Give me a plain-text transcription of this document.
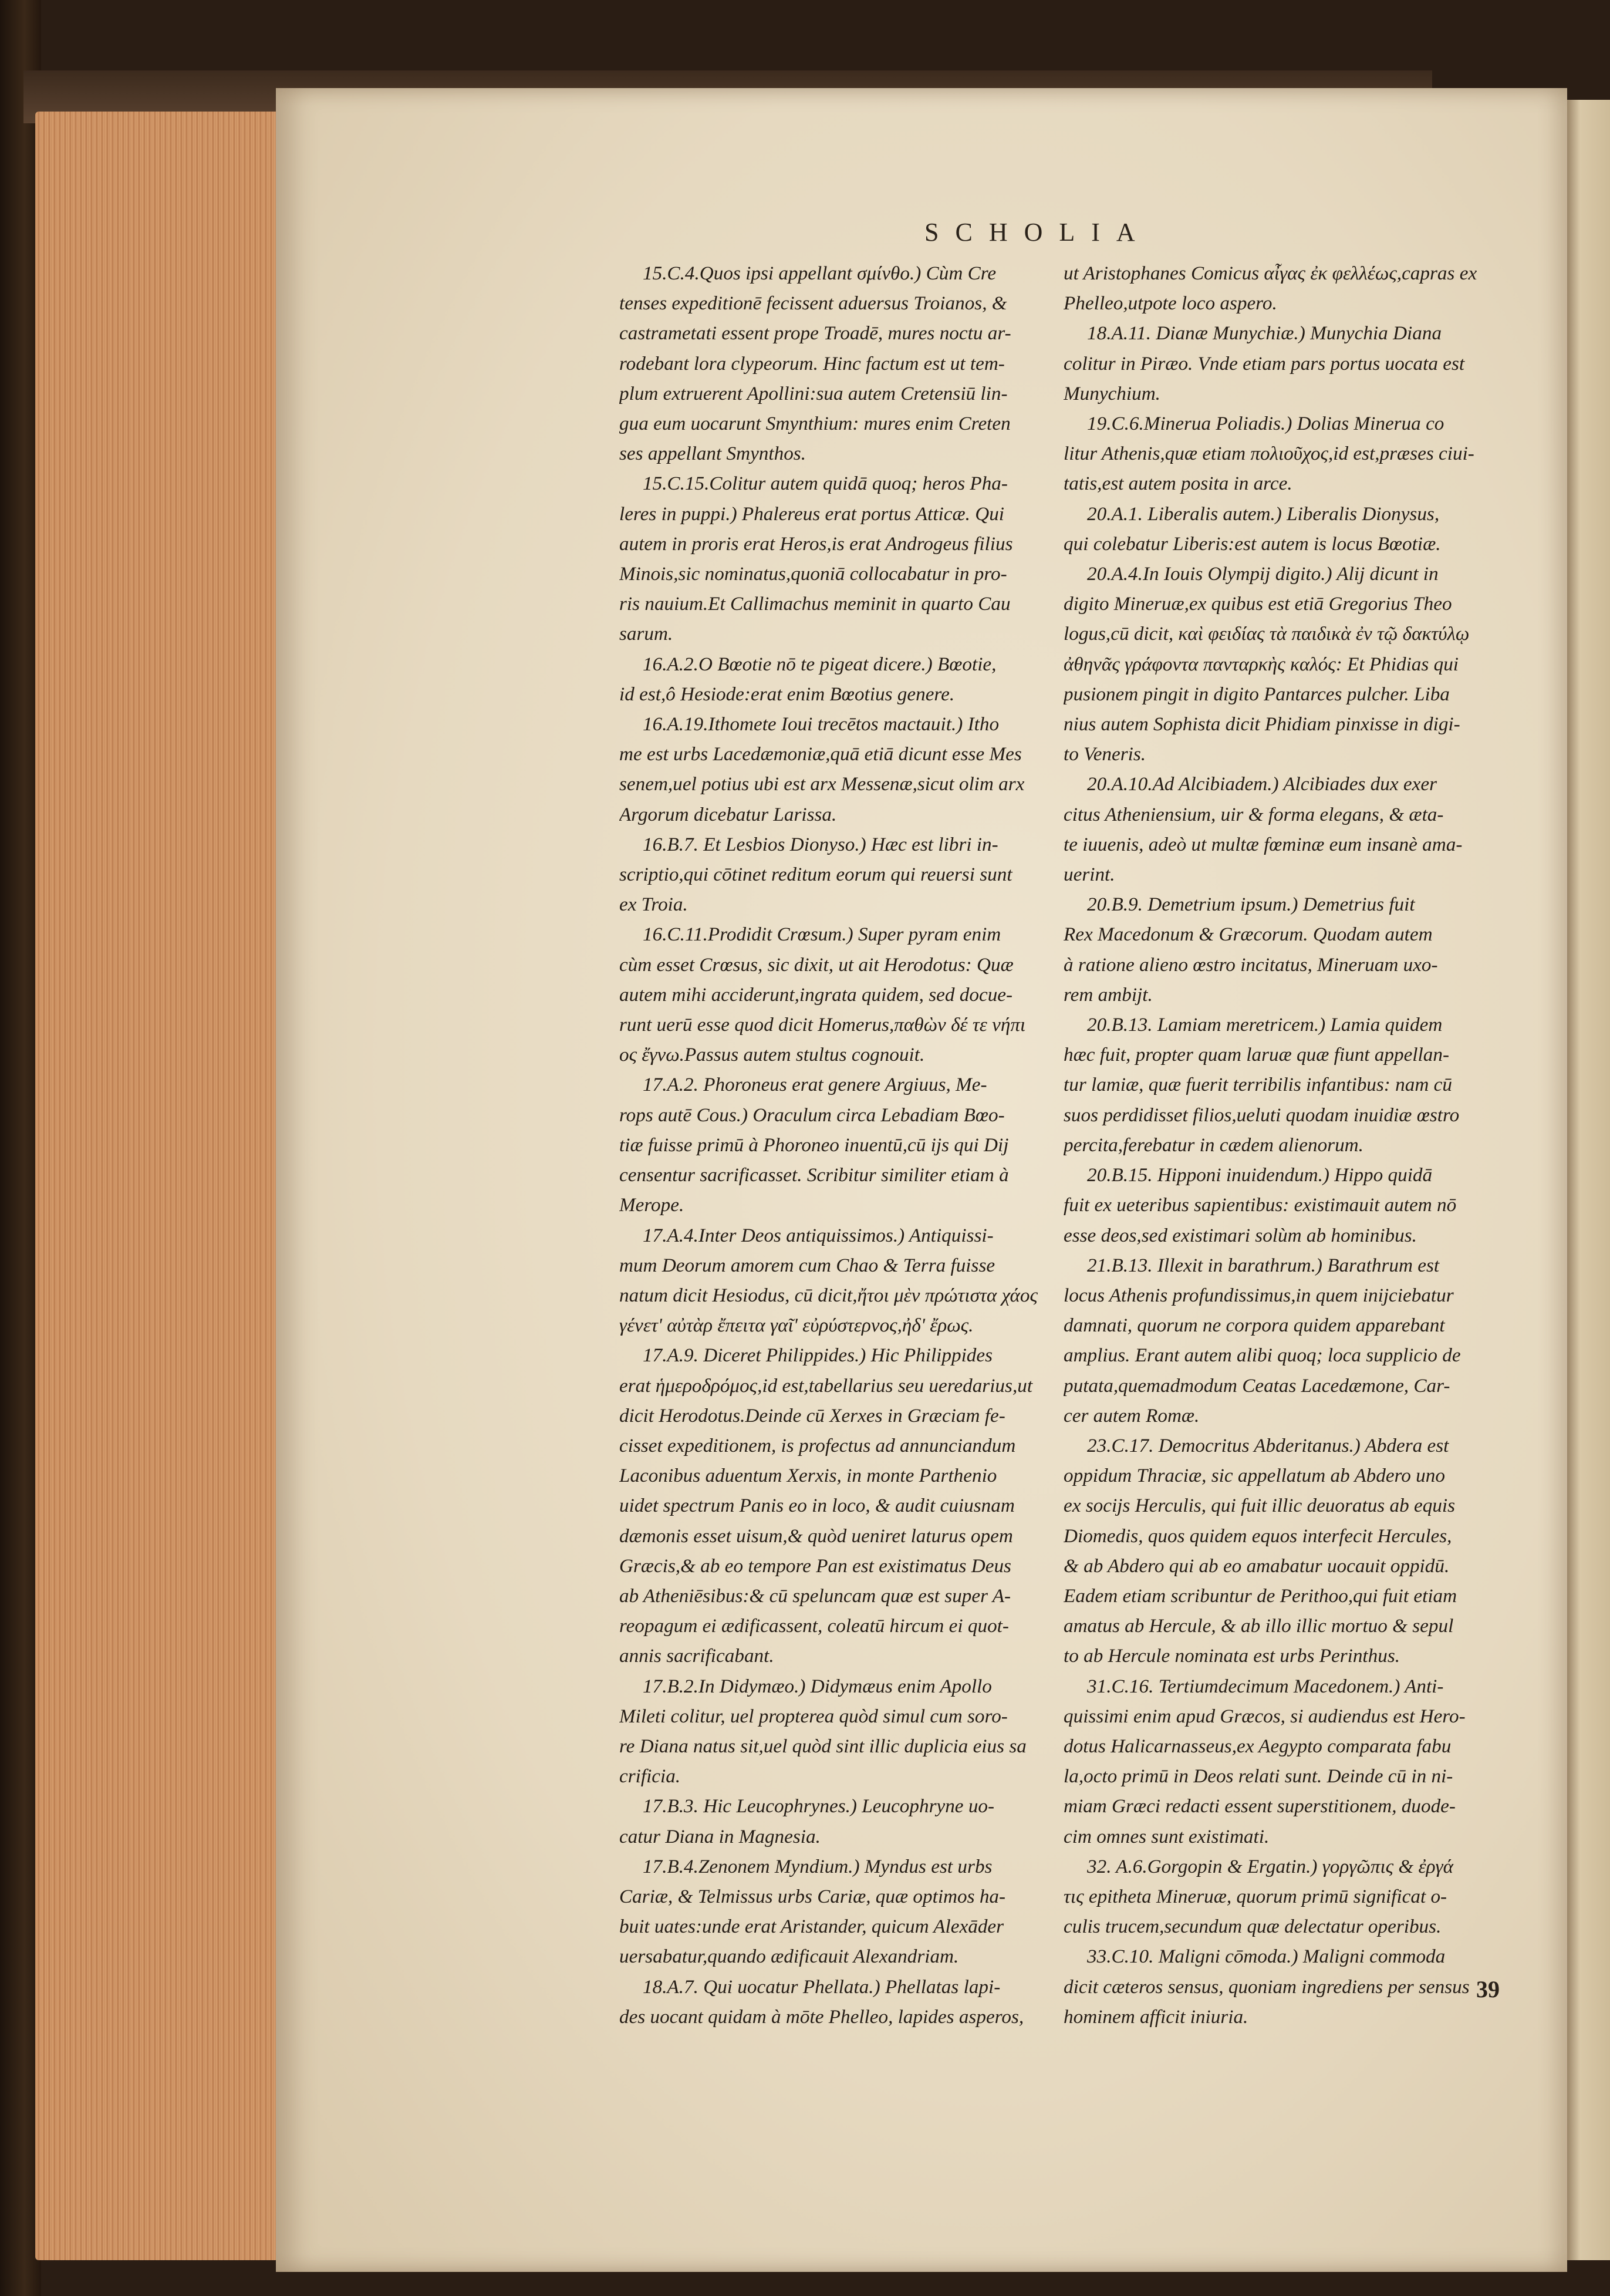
SCHOLIA
15.C.4.Quos ipsi appellant σμίνθο.) Cùm Cre
tenses expeditionē fecissent aduersus Troianos, &
castrametati essent prope Troadē, mures noctu ar-
rodebant lora clypeorum. Hinc factum est ut tem-
plum extruerent Apollini:sua autem Cretensiū lin-
gua eum uocarunt Smynthium: mures enim Creten
ses appellant Smynthos.
15.C.15.Colitur autem quidā quoq; heros Pha-
leres in puppi.) Phalereus erat portus Atticæ. Qui
autem in proris erat Heros,is erat Androgeus filius
Minois,sic nominatus,quoniā collocabatur in pro-
ris nauium.Et Callimachus meminit in quarto Cau
sarum.
16.A.2.O Bœotie nō te pigeat dicere.) Bœotie,
id est,ô Hesiode:erat enim Bœotius genere.
16.A.19.Ithomete Ioui trecētos mactauit.) Itho
me est urbs Lacedæmoniæ,quā etiā dicunt esse Mes
senem,uel potius ubi est arx Messenæ,sicut olim arx
Argorum dicebatur Larissa.
16.B.7. Et Lesbios Dionyso.) Hæc est libri in-
scriptio,qui cōtinet reditum eorum qui reuersi sunt
ex Troia.
16.C.11.Prodidit Crœsum.) Super pyram enim
cùm esset Crœsus, sic dixit, ut ait Herodotus: Quæ
autem mihi acciderunt,ingrata quidem, sed docue-
runt uerū esse quod dicit Homerus,παθὼν δέ τε νήπι
ος ἔγνω.Passus autem stultus cognouit.
17.A.2. Phoroneus erat genere Argiuus, Me-
rops autē Cous.) Oraculum circa Lebadiam Bœo-
tiæ fuisse primū à Phoroneo inuentū,cū ijs qui Dij
censentur sacrificasset. Scribitur similiter etiam à
Merope.
17.A.4.Inter Deos antiquissimos.) Antiquissi-
mum Deorum amorem cum Chao & Terra fuisse
natum dicit Hesiodus, cū dicit,ἤτοι μὲν πρώτιστα χάος
γένετ' αὐτὰρ ἔπειτα γαῖ' εὐρύστερνος,ἠδ' ἔρως.
17.A.9. Diceret Philippides.) Hic Philippides
erat ἡμεροδρόμος,id est,tabellarius seu ueredarius,ut
dicit Herodotus.Deinde cū Xerxes in Græciam fe-
cisset expeditionem, is profectus ad annunciandum
Laconibus aduentum Xerxis, in monte Parthenio
uidet spectrum Panis eo in loco, & audit cuiusnam
dæmonis esset uisum,& quòd ueniret laturus opem
Græcis,& ab eo tempore Pan est existimatus Deus
ab Atheniēsibus:& cū speluncam quæ est super A-
reopagum ei ædificassent, coleatū hircum ei quot-
annis sacrificabant.
17.B.2.In Didymæo.) Didymæus enim Apollo
Mileti colitur, uel propterea quòd simul cum soro-
re Diana natus sit,uel quòd sint illic duplicia eius sa
crificia.
17.B.3. Hic Leucophrynes.) Leucophryne uo-
catur Diana in Magnesia.
17.B.4.Zenonem Myndium.) Myndus est urbs
Cariæ, & Telmissus urbs Cariæ, quæ optimos ha-
buit uates:unde erat Aristander, quicum Alexāder
uersabatur,quando ædificauit Alexandriam.
18.A.7. Qui uocatur Phellata.) Phellatas lapi-
des uocant quidam à mōte Phelleo, lapides asperos,
ut Aristophanes Comicus αἶγας ἐκ φελλέως,capras ex
Phelleo,utpote loco aspero.
18.A.11. Dianæ Munychiæ.) Munychia Diana
colitur in Piræo. Vnde etiam pars portus uocata est
Munychium.
19.C.6.Minerua Poliadis.) Dolias Minerua co
litur Athenis,quæ etiam πολιοῦχος,id est,præses ciui-
tatis,est autem posita in arce.
20.A.1. Liberalis autem.) Liberalis Dionysus,
qui colebatur Liberis:est autem is locus Bœotiæ.
20.A.4.In Iouis Olympij digito.) Alij dicunt in
digito Mineruæ,ex quibus est etiā Gregorius Theo
logus,cū dicit, καὶ φειδίας τὰ παιδικὰ ἐν τῷ δακτύλῳ
ἀθηνᾶς γράφοντα πανταρκὴς καλός: Et Phidias qui
pusionem pingit in digito Pantarces pulcher. Liba
nius autem Sophista dicit Phidiam pinxisse in digi-
to Veneris.
20.A.10.Ad Alcibiadem.) Alcibiades dux exer
citus Atheniensium, uir & forma elegans, & æta-
te iuuenis, adeò ut multæ fœminæ eum insanè ama-
uerint.
20.B.9. Demetrium ipsum.) Demetrius fuit
Rex Macedonum & Græcorum. Quodam autem
à ratione alieno œstro incitatus, Mineruam uxo-
rem ambijt.
20.B.13. Lamiam meretricem.) Lamia quidem
hæc fuit, propter quam laruæ quæ fiunt appellan-
tur lamiæ, quæ fuerit terribilis infantibus: nam cū
suos perdidisset filios,ueluti quodam inuidiæ œstro
percita,ferebatur in cædem alienorum.
20.B.15. Hipponi inuidendum.) Hippo quidā
fuit ex ueteribus sapientibus: existimauit autem nō
esse deos,sed existimari solùm ab hominibus.
21.B.13. Illexit in barathrum.) Barathrum est
locus Athenis profundissimus,in quem inijciebatur
damnati, quorum ne corpora quidem apparebant
amplius. Erant autem alibi quoq; loca supplicio de
putata,quemadmodum Ceatas Lacedæmone, Car-
cer autem Romæ.
23.C.17. Democritus Abderitanus.) Abdera est
oppidum Thraciæ, sic appellatum ab Abdero uno
ex socijs Herculis, qui fuit illic deuoratus ab equis
Diomedis, quos quidem equos interfecit Hercules,
& ab Abdero qui ab eo amabatur uocauit oppidū.
Eadem etiam scribuntur de Perithoo,qui fuit etiam
amatus ab Hercule, & ab illo illic mortuo & sepul
to ab Hercule nominata est urbs Perinthus.
31.C.16. Tertiumdecimum Macedonem.) Anti-
quissimi enim apud Græcos, si audiendus est Hero-
dotus Halicarnasseus,ex Aegypto comparata fabu
la,octo primū in Deos relati sunt. Deinde cū in ni-
miam Græci redacti essent superstitionem, duode-
cim omnes sunt existimati.
32. A.6.Gorgopin & Ergatin.) γοργῶπις & ἐργά
τις epitheta Mineruæ, quorum primū significat o-
culis trucem,secundum quæ delectatur operibus.
33.C.10. Maligni cōmoda.) Maligni commoda
dicit cæteros sensus, quoniam ingrediens per sensus
hominem afficit iniuria.
39
